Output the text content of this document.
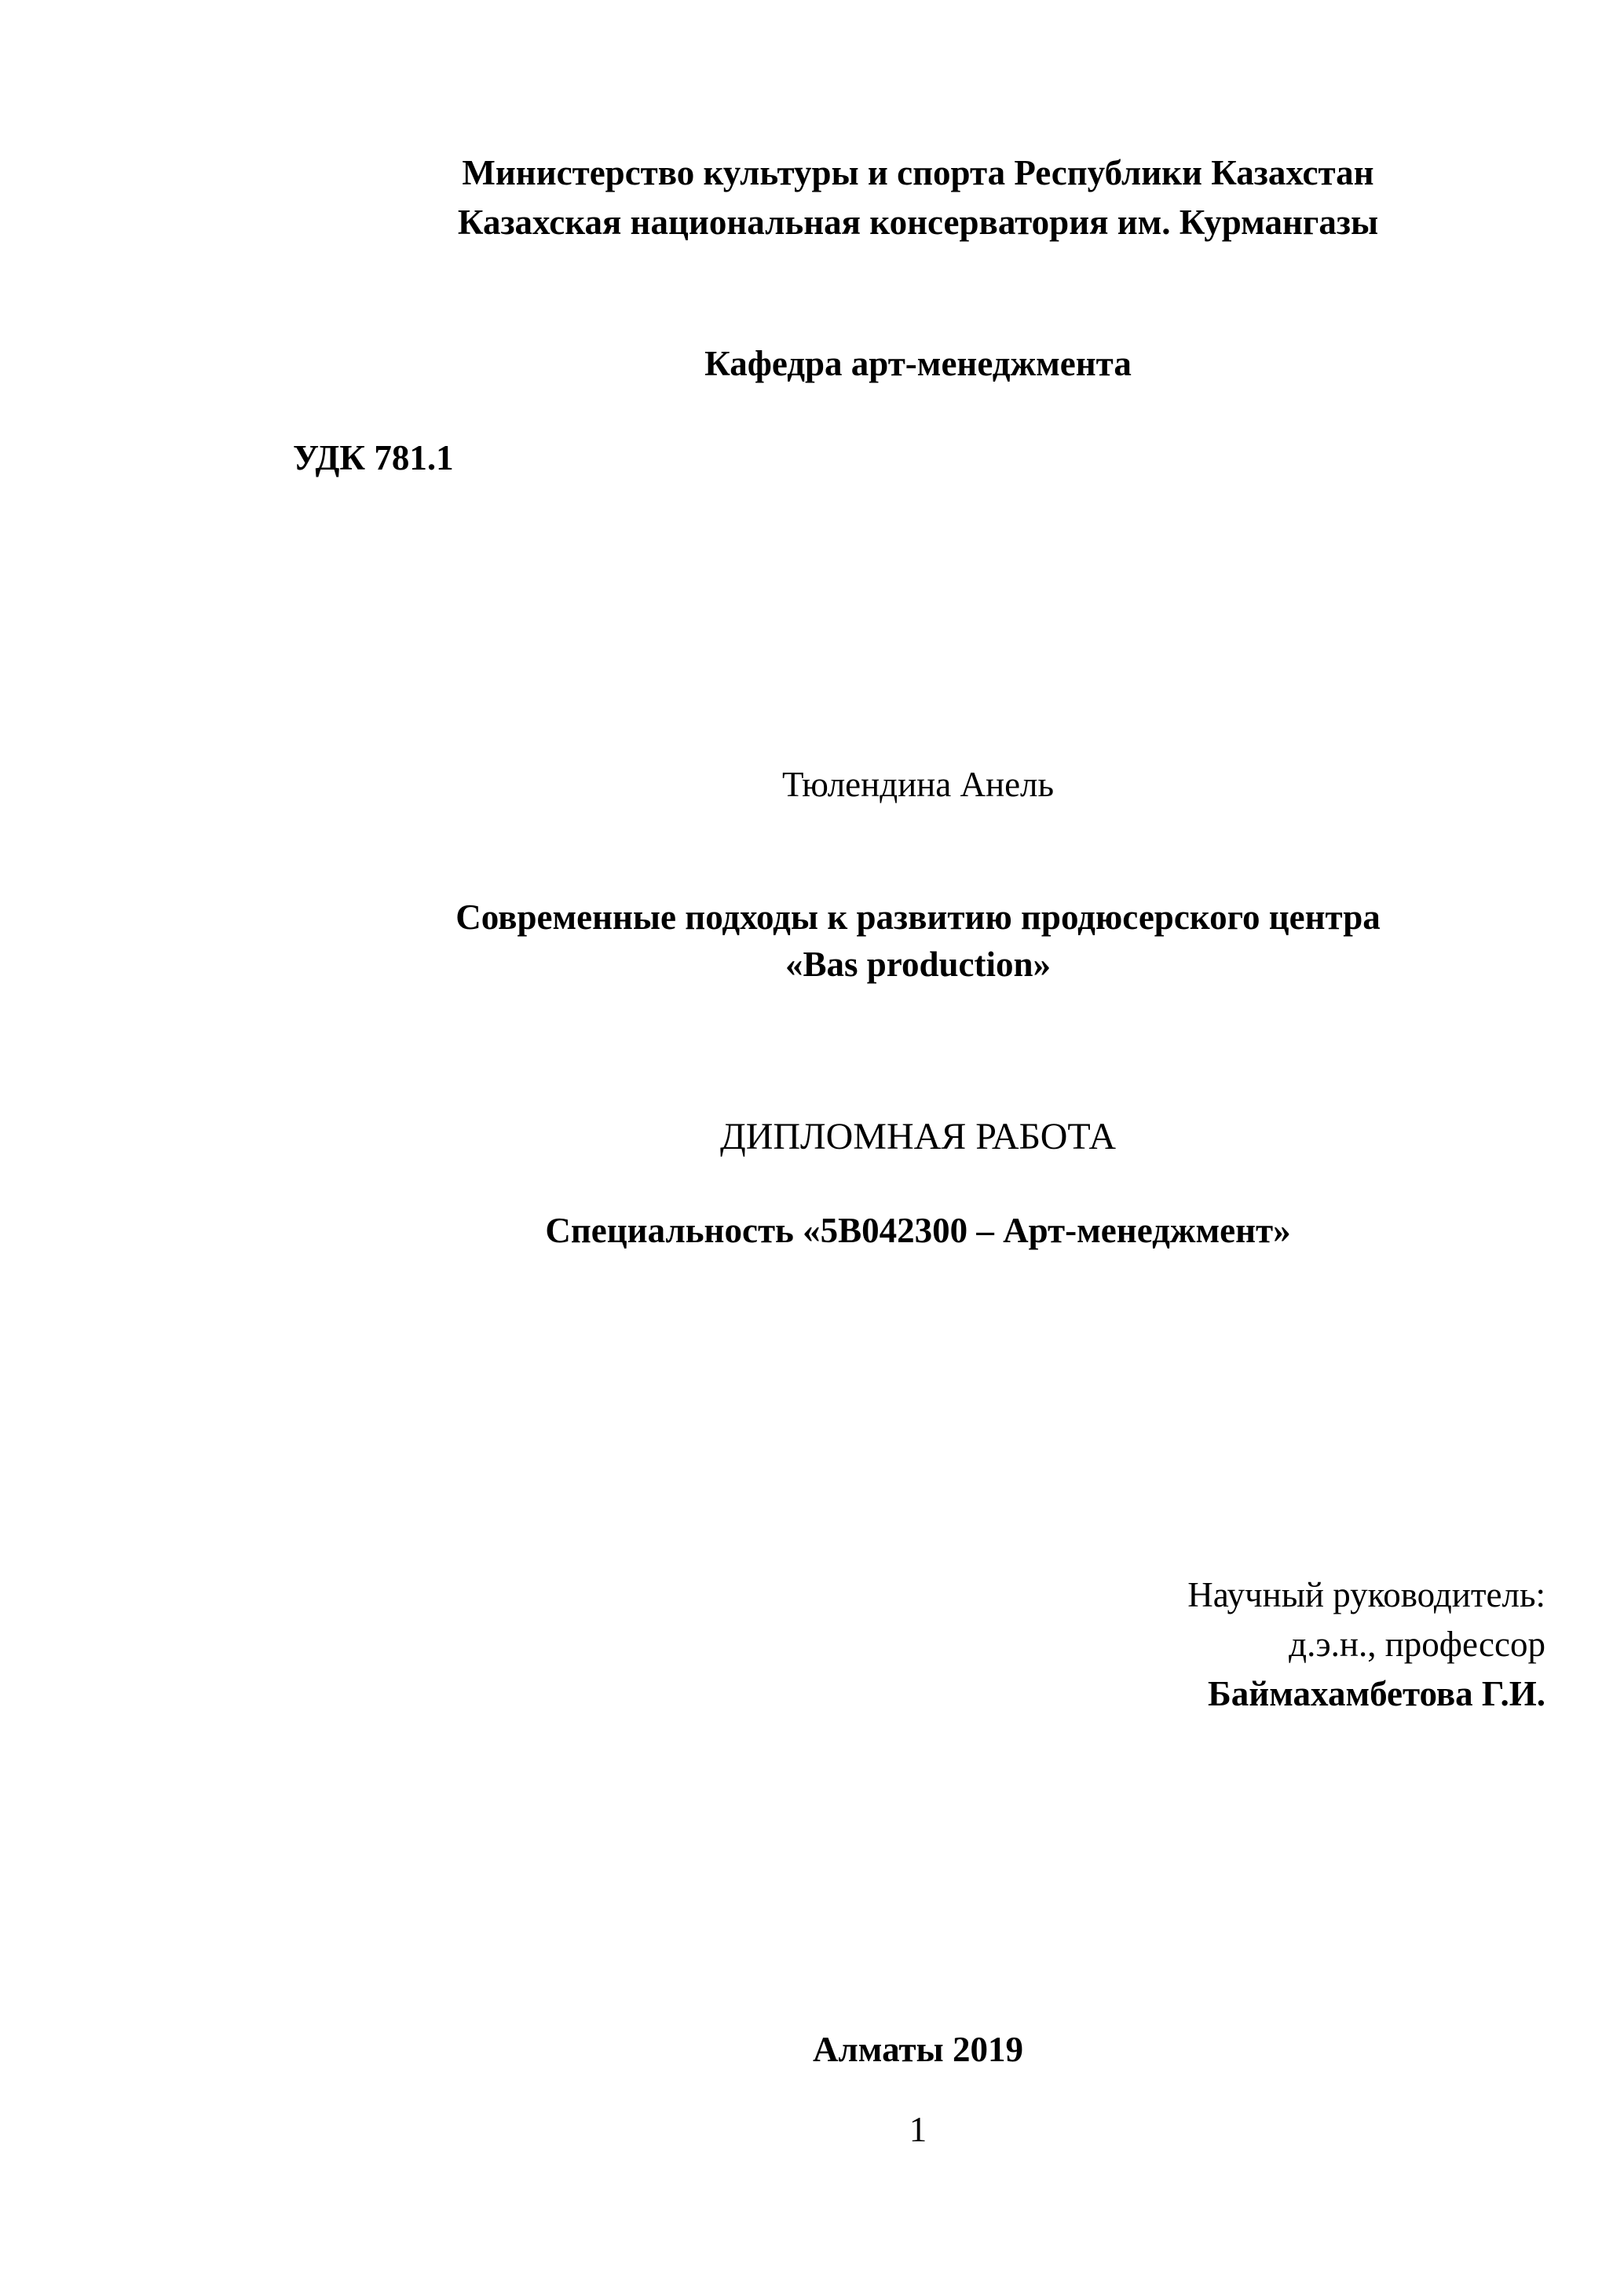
Министерство культуры и спорта Республики Казахстан

Казахская национальная консерватория им. Курмангазы

Кафедра арт-менеджмента

УДК 781.1

Тюлендина Анель

Современные подходы к развитию продюсерского центра

«Bas production»

ДИПЛОМНАЯ РАБОТА

Специальность «5В042300 – Арт-менеджмент»

Научный руководитель:

д.э.н., профессор

Баймахамбетова Г.И.

Алматы 2019

1
